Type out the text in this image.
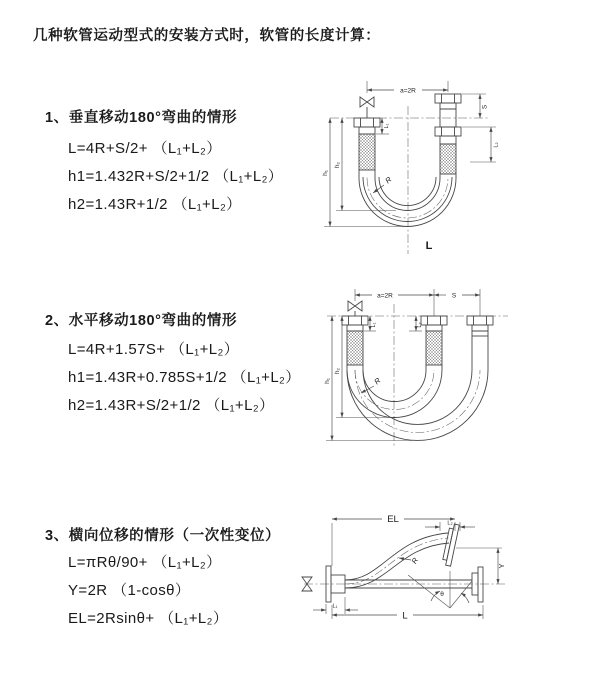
几种软管运动型式的安装方式时，软管的长度计算：
1、垂直移动180°弯曲的情形
L=4R+S/2+ （L₁+L₂）
h1=1.432R+S/2+1/2 （L₁+L₂）
h2=1.43R+1/2 （L₁+L₂）
2、水平移动180°弯曲的情形
L=4R+1.57S+ （L₁+L₂）
h1=1.43R+0.785S+1/2 （L₁+L₂）
h2=1.43R+S/2+1/2 （L₁+L₂）
3、横向位移的情形（一次性变位）
L=πRθ/90+ （L₁+L₂）
Y=2R （1-cosθ）
EL=2Rsinθ+ （L₁+L₂）
a=2R
S
L₁
L₂
h₁
h₂
R
L
a=2R	S
h₁
h₂
L₁	L₂
R
EL	L₂
Y
L
L₁
R
θ
